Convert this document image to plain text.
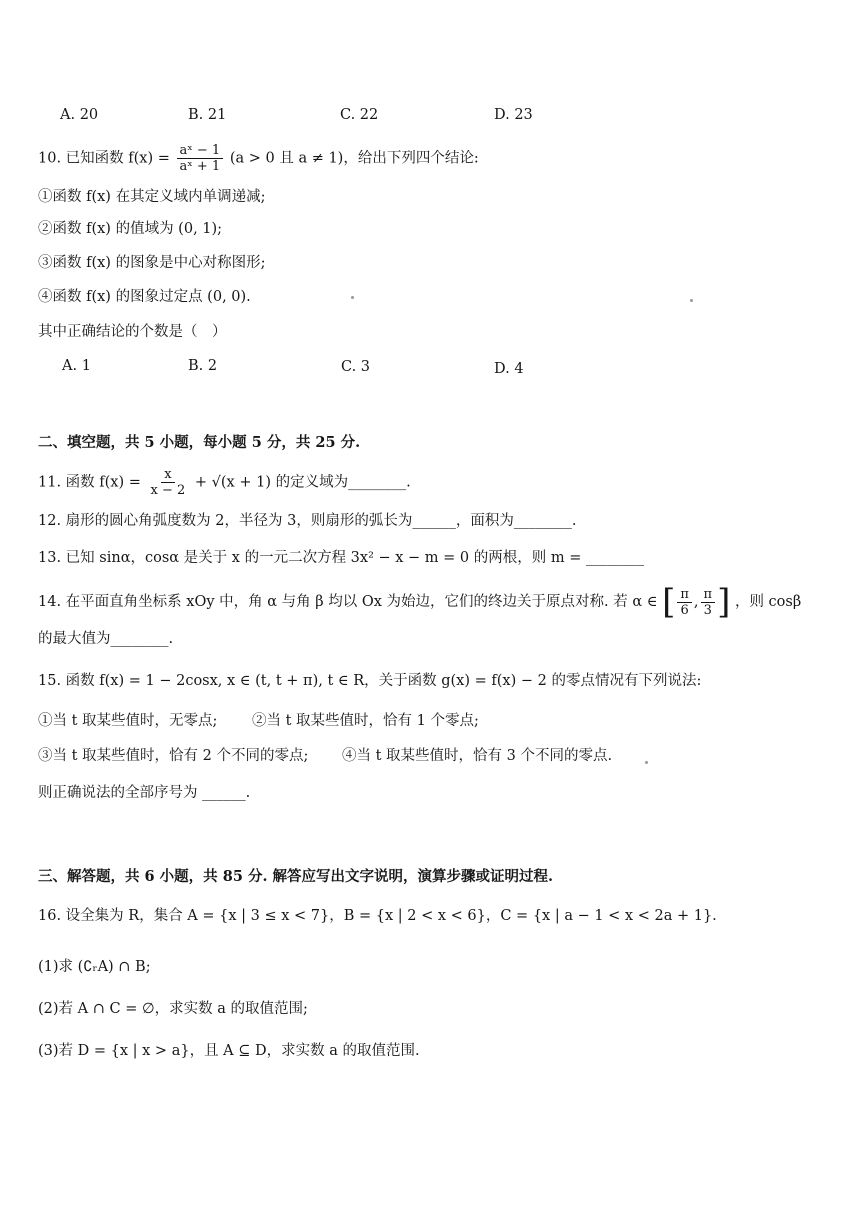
A. 20	B. 21	C. 22	D. 23
10. 已知函数 $f(x) = \frac{\text{aˣ − 1}}{\text{aˣ + 1}} (a > 0$ 且 a ≠ 1)，给出下列四个结论:
①函数 f(x) 在其定义域内单调递减;
②函数 f(x) 的值域为 (0, 1);
③函数 f(x) 的图象是中心对称图形;
④函数 f(x) 的图象过定点 (0, 0).
其中正确结论的个数是（　）
A. 1	B. 2	C. 3	D. 4
二、填空题，共 5 小题，每小题 5 分，共 25 分.
11. 函数 $f(x) = \frac{x}{x - 2} + √(x + 1)$ 的定义域为________.
12. 扇形的圆心角弧度数为 2，半径为 3，则扇形的弧长为______，面积为________.
13. 已知 sinα，cosα 是关于 x 的一元二次方程 3x² − x − m = 0 的两根，则 m = ________
14. 在平面直角坐标系 xOy 中，角 α 与角 β 均以 Ox 为始边，它们的终边关于原点对称. 若 α ∈ [ $\frac{\pi}{6}$ , $\frac{\pi}{3}$ ] ，则 cosβ
的最大值为________.
15. 函数 f(x) = 1 − 2cosx, x ∈ (t, t + π), t ∈ R，关于函数 g(x) = f(x) − 2 的零点情况有下列说法:
①当 t 取某些值时，无零点; ②当 t 取某些值时，恰有 1 个零点;
③当 t 取某些值时，恰有 2 个不同的零点; ④当 t 取某些值时，恰有 3 个不同的零点.
则正确说法的全部序号为 ______.
三、解答题，共 6 小题，共 85 分. 解答应写出文字说明，演算步骤或证明过程.
16. 设全集为 R，集合 A = {x | 3 ≤ x < 7}，B = {x | 2 < x < 6}，C = {x | a − 1 < x < 2a + 1}.
(1)求 (∁ᵣA) ∩ B;
(2)若 A ∩ C = ∅，求实数 a 的取值范围;
(3)若 D = {x | x > a}，且 A ⊆ D，求实数 a 的取值范围.
